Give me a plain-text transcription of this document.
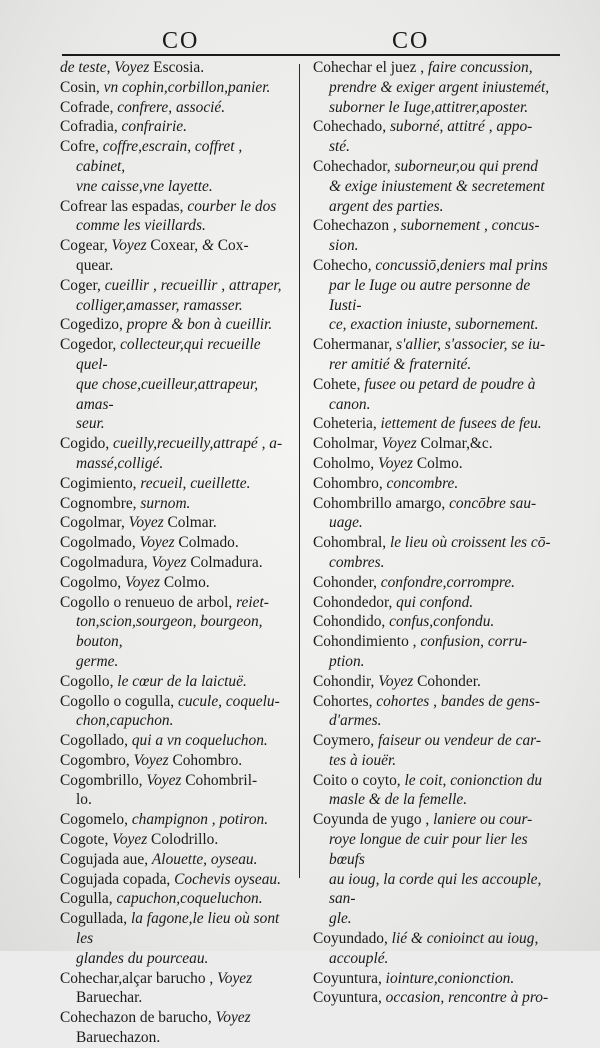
CO	CO
de teste, Voyez Escosia.
Cosin, vn cophin,corbillon,panier.
Cofrade, confrere, associé.
Cofradia, confrairie.
Cofre, coffre,escrain, coffret , cabinet,
vne caisse,vne layette.
Cofrear las espadas, courber le dos
comme les vieillards.
Cogear, Voyez Coxear, & Cox-
quear.
Coger, cueillir , recueillir , attraper,
colliger,amasser, ramasser.
Cogedizo, propre & bon à cueillir.
Cogedor, collecteur,qui recueille quel-
que chose,cueilleur,attrapeur, amas-
seur.
Cogido, cueilly,recueilly,attrapé , a-
massé,colligé.
Cogimiento, recueil, cueillette.
Cognombre, surnom.
Cogolmar, Voyez Colmar.
Cogolmado, Voyez Colmado.
Cogolmadura, Voyez Colmadura.
Cogolmo, Voyez Colmo.
Cogollo o renueuo de arbol, reiet-
ton,scion,sourgeon, bourgeon, bouton,
germe.
Cogollo, le cœur de la laictuë.
Cogollo o cogulla, cucule, coquelu-
chon,capuchon.
Cogollado, qui a vn coqueluchon.
Cogombro, Voyez Cohombro.
Cogombrillo, Voyez Cohombril-
lo.
Cogomelo, champignon , potiron.
Cogote, Voyez Colodrillo.
Cogujada aue, Alouette, oyseau.
Cogujada copada, Cochevis oyseau.
Cogulla, capuchon,coqueluchon.
Cogullada, la fagone,le lieu où sont les
glandes du pourceau.
Cohechar,alçar barucho , Voyez
Baruechar.
Cohechazon de barucho, Voyez
Baruechazon.
Cohechar el juez , faire concussion,
prendre & exiger argent iniustemét,
suborner le Iuge,attitrer,aposter.
Cohechado, suborné, attitré , appo-
sté.
Cohechador, suborneur,ou qui prend
& exige iniustement & secretement
argent des parties.
Cohechazon , subornement , concus-
sion.
Cohecho, concussiō,deniers mal prins
par le Iuge ou autre personne de Iusti-
ce, exaction iniuste, subornement.
Cohermanar, s'allier, s'associer, se iu-
rer amitié & fraternité.
Cohete, fusee ou petard de poudre à
canon.
Coheteria, iettement de fusees de feu.
Coholmar, Voyez Colmar,&c.
Coholmo, Voyez Colmo.
Cohombro, concombre.
Cohombrillo amargo, concōbre sau-
uage.
Cohombral, le lieu où croissent les cō-
combres.
Cohonder, confondre,corrompre.
Cohondedor, qui confond.
Cohondido, confus,confondu.
Cohondimiento , confusion, corru-
ption.
Cohondir, Voyez Cohonder.
Cohortes, cohortes , bandes de gens-
d'armes.
Coymero, faiseur ou vendeur de car-
tes à iouër.
Coito o coyto, le coit, conionction du
masle & de la femelle.
Coyunda de yugo , laniere ou cour-
roye longue de cuir pour lier les bœufs
au ioug, la corde qui les accouple, san-
gle.
Coyundado, lié & conioinct au ioug,
accouplé.
Coyuntura, iointure,conionction.
Coyuntura, occasion, rencontre à pro-
